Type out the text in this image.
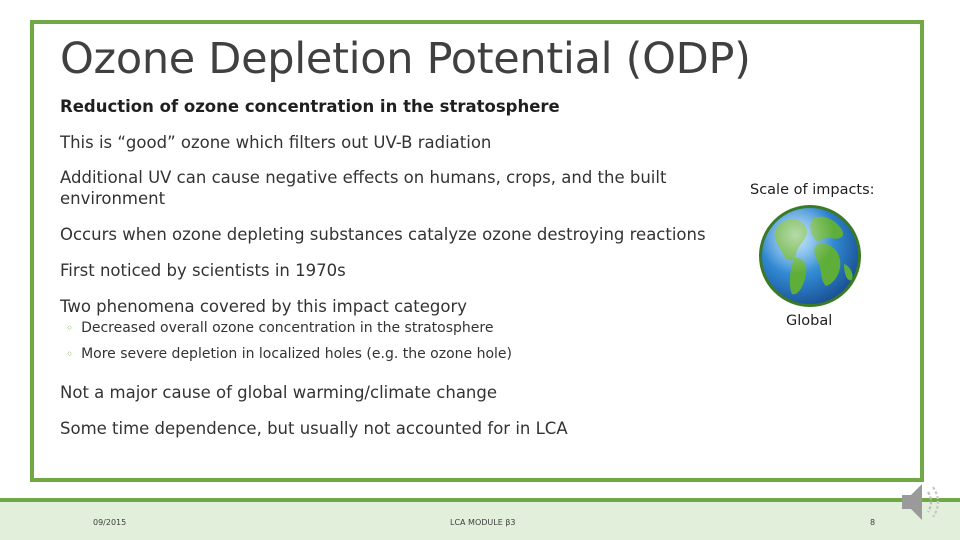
Ozone Depletion Potential (ODP)
Reduction of ozone concentration in the stratosphere
This is “good” ozone which filters out UV-B radiation
Additional UV can cause negative effects on humans, crops, and the built environment
Occurs when ozone depleting substances catalyze ozone destroying reactions
First noticed by scientists in 1970s
Two phenomena covered by this impact category
◦ Decreased overall ozone concentration in the stratosphere
◦ More severe depletion in localized holes (e.g. the ozone hole)
Not a major cause of global warming/climate change
Some time dependence, but usually not accounted for in LCA
Scale of impacts:
Global
09/2015	LCA MODULE β3	8
